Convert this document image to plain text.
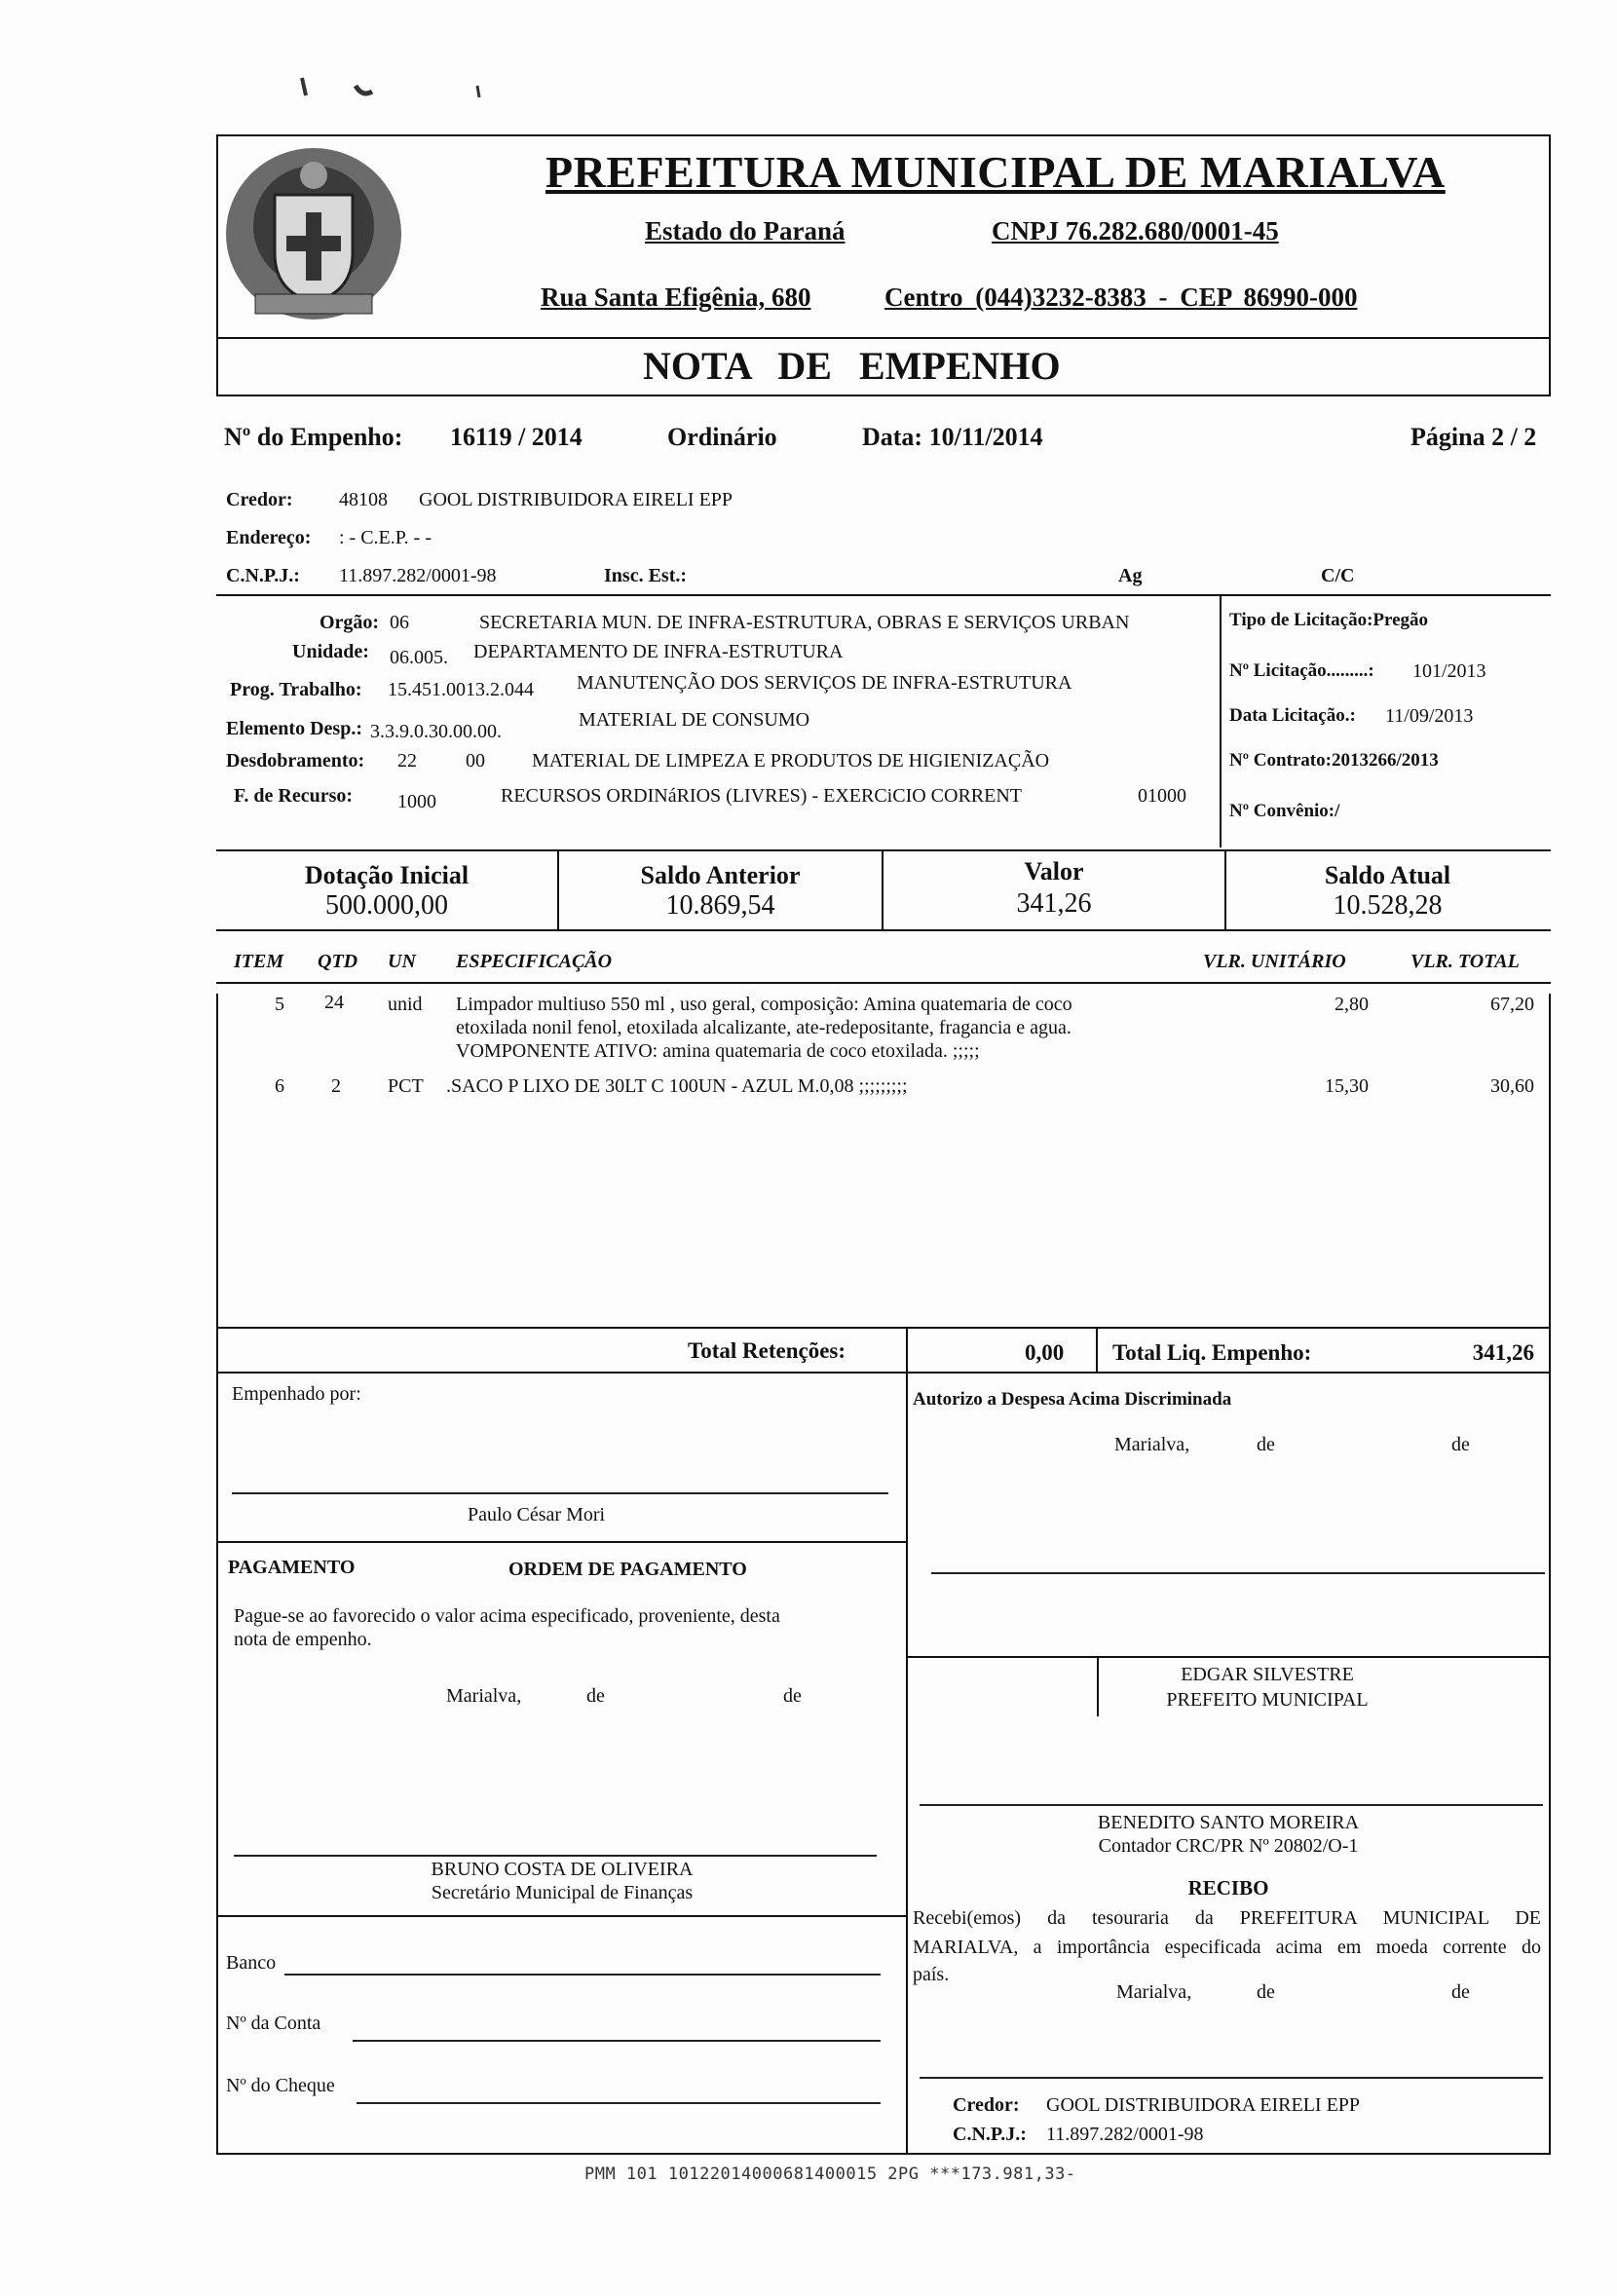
PREFEITURA MUNICIPAL DE MARIALVA
Estado do Paraná	CNPJ 76.282.680/0001-45
Rua Santa Efigênia, 680	Centro (044)3232-8383 - CEP 86990-000
NOTA DE EMPENHO
Nº do Empenho: 16119 / 2014	Ordinário	Data: 10/11/2014	Página 2 / 2
Credor: 48108 GOOL DISTRIBUIDORA EIRELI EPP
Endereço: : - C.E.P. - -
C.N.P.J.: 11.897.282/0001-98	Insc. Est.:	Ag	C/C
Orgão: 06	SECRETARIA MUN. DE INFRA-ESTRUTURA, OBRAS E SERVIÇOS URBAN
Unidade: 06.005. DEPARTAMENTO DE INFRA-ESTRUTURA
Prog. Trabalho: 15.451.0013.2.044 MANUTENÇÃO DOS SERVIÇOS DE INFRA-ESTRUTURA
Elemento Desp.: 3.3.9.0.30.00.00.
MATERIAL DE CONSUMO
Desdobramento: 22	00 MATERIAL DE LIMPEZA E PRODUTOS DE HIGIENIZAÇÃO
F. de Recurso: 1000	RECURSOS ORDINáRIOS (LIVRES) - EXERCiCIO CORRENT	01000
Tipo de Licitação:Pregão
Nº Licitação.........: 101/2013
Data Licitação.: 11/09/2013
Nº Contrato:2013266/2013
Nº Convênio:/
Dotação Inicial
500.000,00
Saldo Anterior
10.869,54
Valor
341,26
Saldo Atual
10.528,28
ITEM QTD UN ESPECIFICAÇÃO	VLR. UNITÁRIO	VLR. TOTAL
5 24 unid Limpador multiuso 550 ml , uso geral, composição: Amina quatemaria de coco
etoxilada nonil fenol, etoxilada alcalizante, ate-redepositante, fragancia e agua.
VOMPONENTE ATIVO: amina quatemaria de coco etoxilada. ;;;;;
2,80	67,20
6 2 PCT .SACO P LIXO DE 30LT C 100UN - AZUL M.0,08 ;;;;;;;;;	15,30	30,60
Total Retenções:	0,00 Total Liq. Empenho:	341,26
Empenhado por:
Paulo César Mori
Autorizo a Despesa Acima Discriminada
Marialva,	de	de
PAGAMENTO	ORDEM DE PAGAMENTO
Pague-se ao favorecido o valor acima especificado, proveniente, desta
nota de empenho.
Marialva,	de	de
EDGAR SILVESTRE
PREFEITO MUNICIPAL
BENEDITO SANTO MOREIRA
Contador CRC/PR Nº 20802/O-1
BRUNO COSTA DE OLIVEIRA
Secretário Municipal de Finanças	RECIBO
Recebi(emos) da tesouraria da PREFEITURA MUNICIPAL DE
MARIALVA, a importância especificada acima em moeda corrente do
país.
Marialva,	de	de
Banco
Nº da Conta
Nº do Cheque
Credor: GOOL DISTRIBUIDORA EIRELI EPP
C.N.P.J.: 11.897.282/0001-98
PMM 101 10122014000681400015 2PG ***173.981,33-
